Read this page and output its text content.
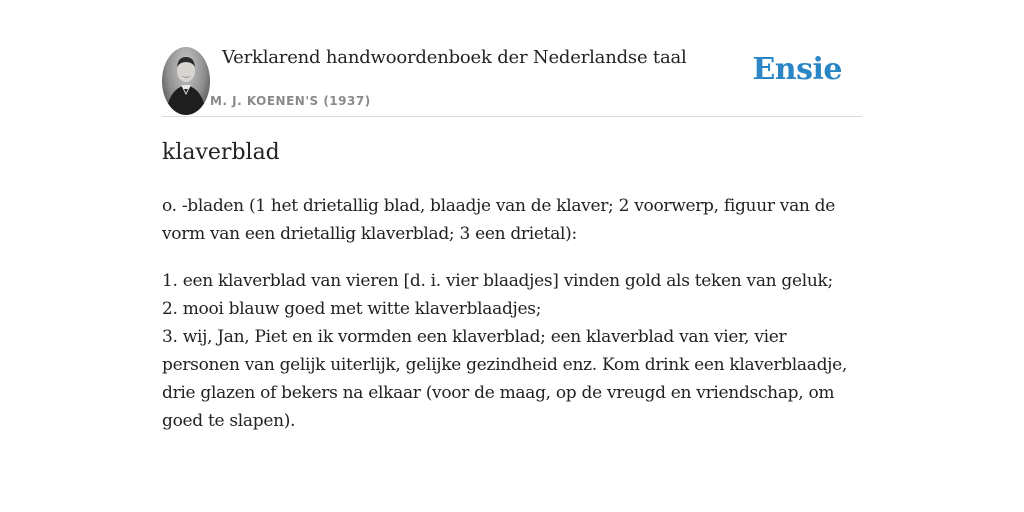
Verklarend handwoordenboek der Nederlandse taal
M. J. KOENEN'S (1937)
Ensie
klaverblad

o. -bladen (1 het drietallig blad, blaadje van de klaver; 2 voorwerp, figuur van de vorm van een drietallig klaverblad; 3 een drietal):

1. een klaverblad van vieren [d. i. vier blaadjes] vinden gold als teken van geluk;
2. mooi blauw goed met witte klaverblaadjes;
3. wij, Jan, Piet en ik vormden een klaverblad; een klaverblad van vier, vier personen van gelijk uiterlijk, gelijke gezindheid enz. Kom drink een klaverblaadje, drie glazen of bekers na elkaar (voor de maag, op de vreugd en vriendschap, om goed te slapen).
